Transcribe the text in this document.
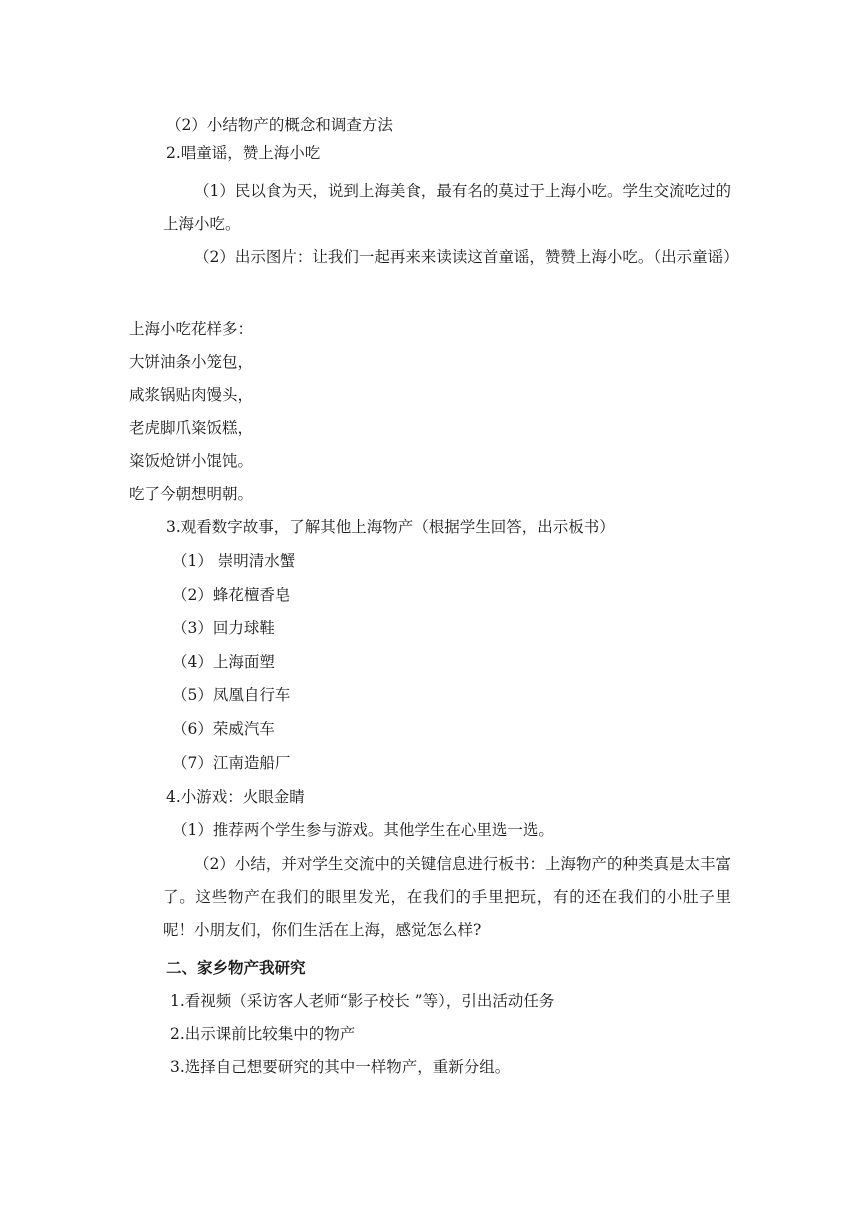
（2）小结物产的概念和调查方法

2.唱童谣，赞上海小吃

（1）民以食为天，说到上海美食，最有名的莫过于上海小吃。学生交流吃过的上海小吃。

（2）出示图片：让我们一起再来来读读这首童谣，赞赞上海小吃。（出示童谣）

上海小吃花样多：

大饼油条小笼包，

咸浆锅贴肉馒头，

老虎脚爪粢饭糕，

粢饭炝饼小馄饨。

吃了今朝想明朝。

3.观看数字故事，了解其他上海物产（根据学生回答，出示板书）

（1） 崇明清水蟹

（2）蜂花檀香皂

（3）回力球鞋

（4）上海面塑

（5）凤凰自行车

（6）荣威汽车

（7）江南造船厂

4.小游戏：火眼金睛

（1）推荐两个学生参与游戏。其他学生在心里选一选。

（2）小结，并对学生交流中的关键信息进行板书：上海物产的种类真是太丰富了。这些物产在我们的眼里发光，在我们的手里把玩，有的还在我们的小肚子里呢！小朋友们，你们生活在上海，感觉怎么样?

二、家乡物产我研究

1.看视频（采访客人老师“影子校长 ”等），引出活动任务

2.出示课前比较集中的物产

3.选择自己想要研究的其中一样物产，重新分组。
